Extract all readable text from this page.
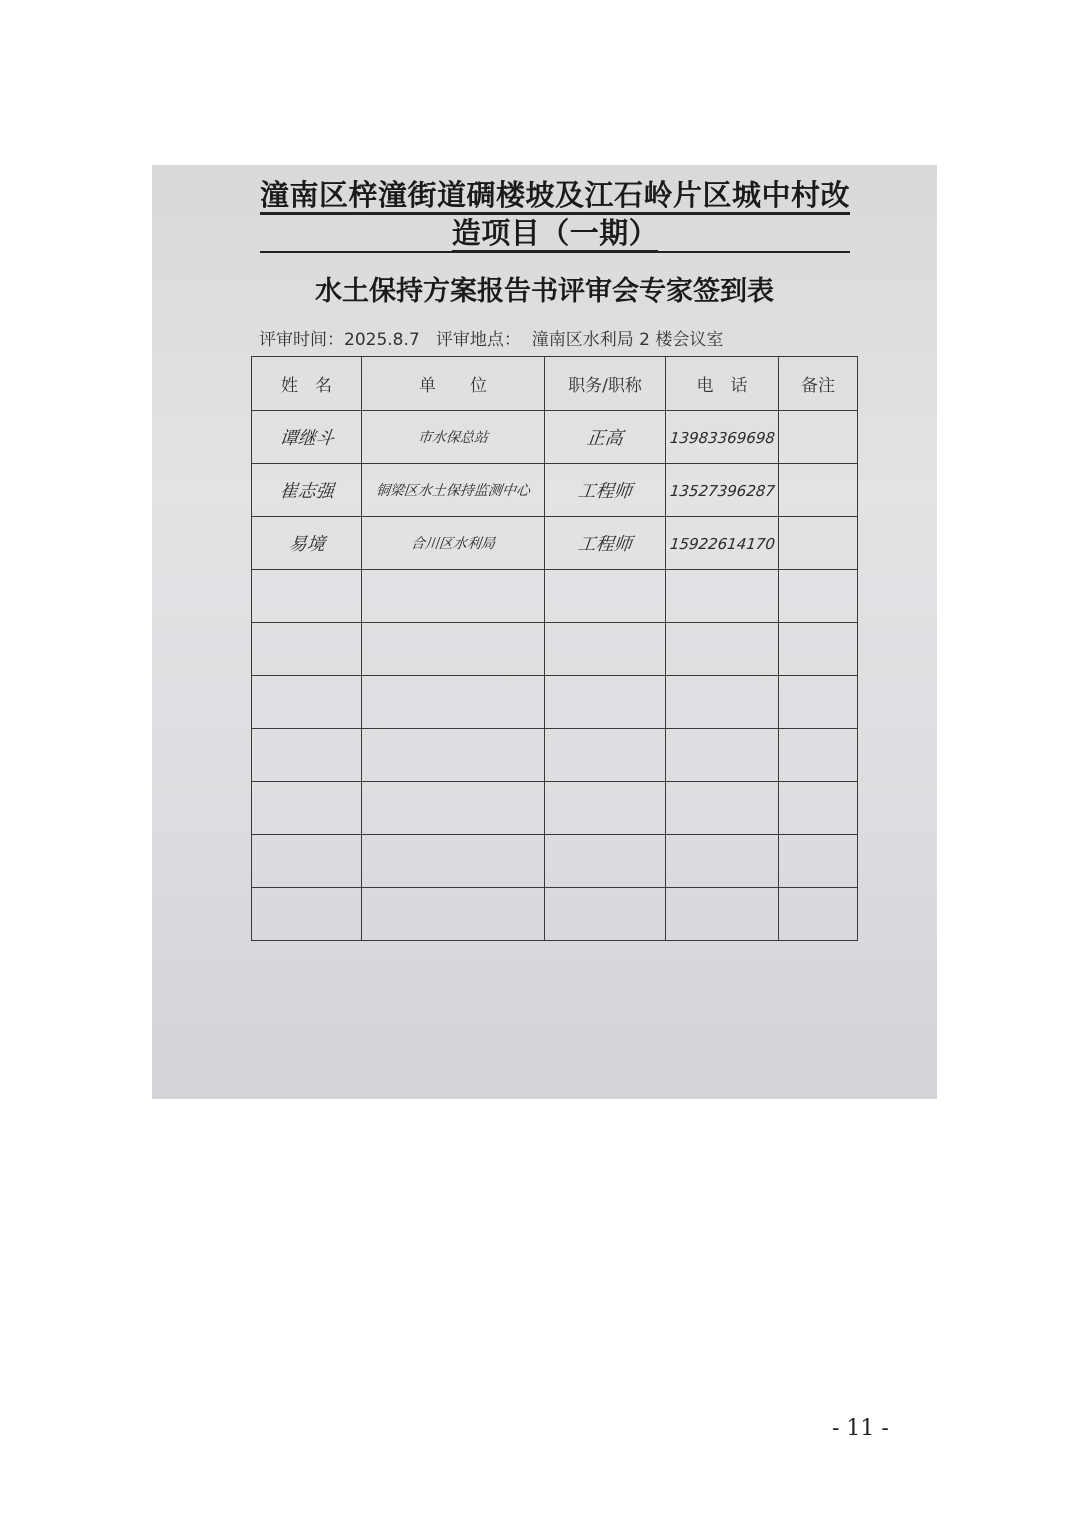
潼南区梓潼街道碉楼坡及江石岭片区城中村改
造项目（一期）
水土保持方案报告书评审会专家签到表
评审时间：2025.8.7   评审地点：  潼南区水利局 2 楼会议室
姓　名	单　　位	职务/职称	电　话	备注
谭继斗	市水保总站	正高	13983369698	
崔志强	铜梁区水土保持监测中心	工程师	13527396287	
易境	合川区水利局	工程师	15922614170	

- 11 -
